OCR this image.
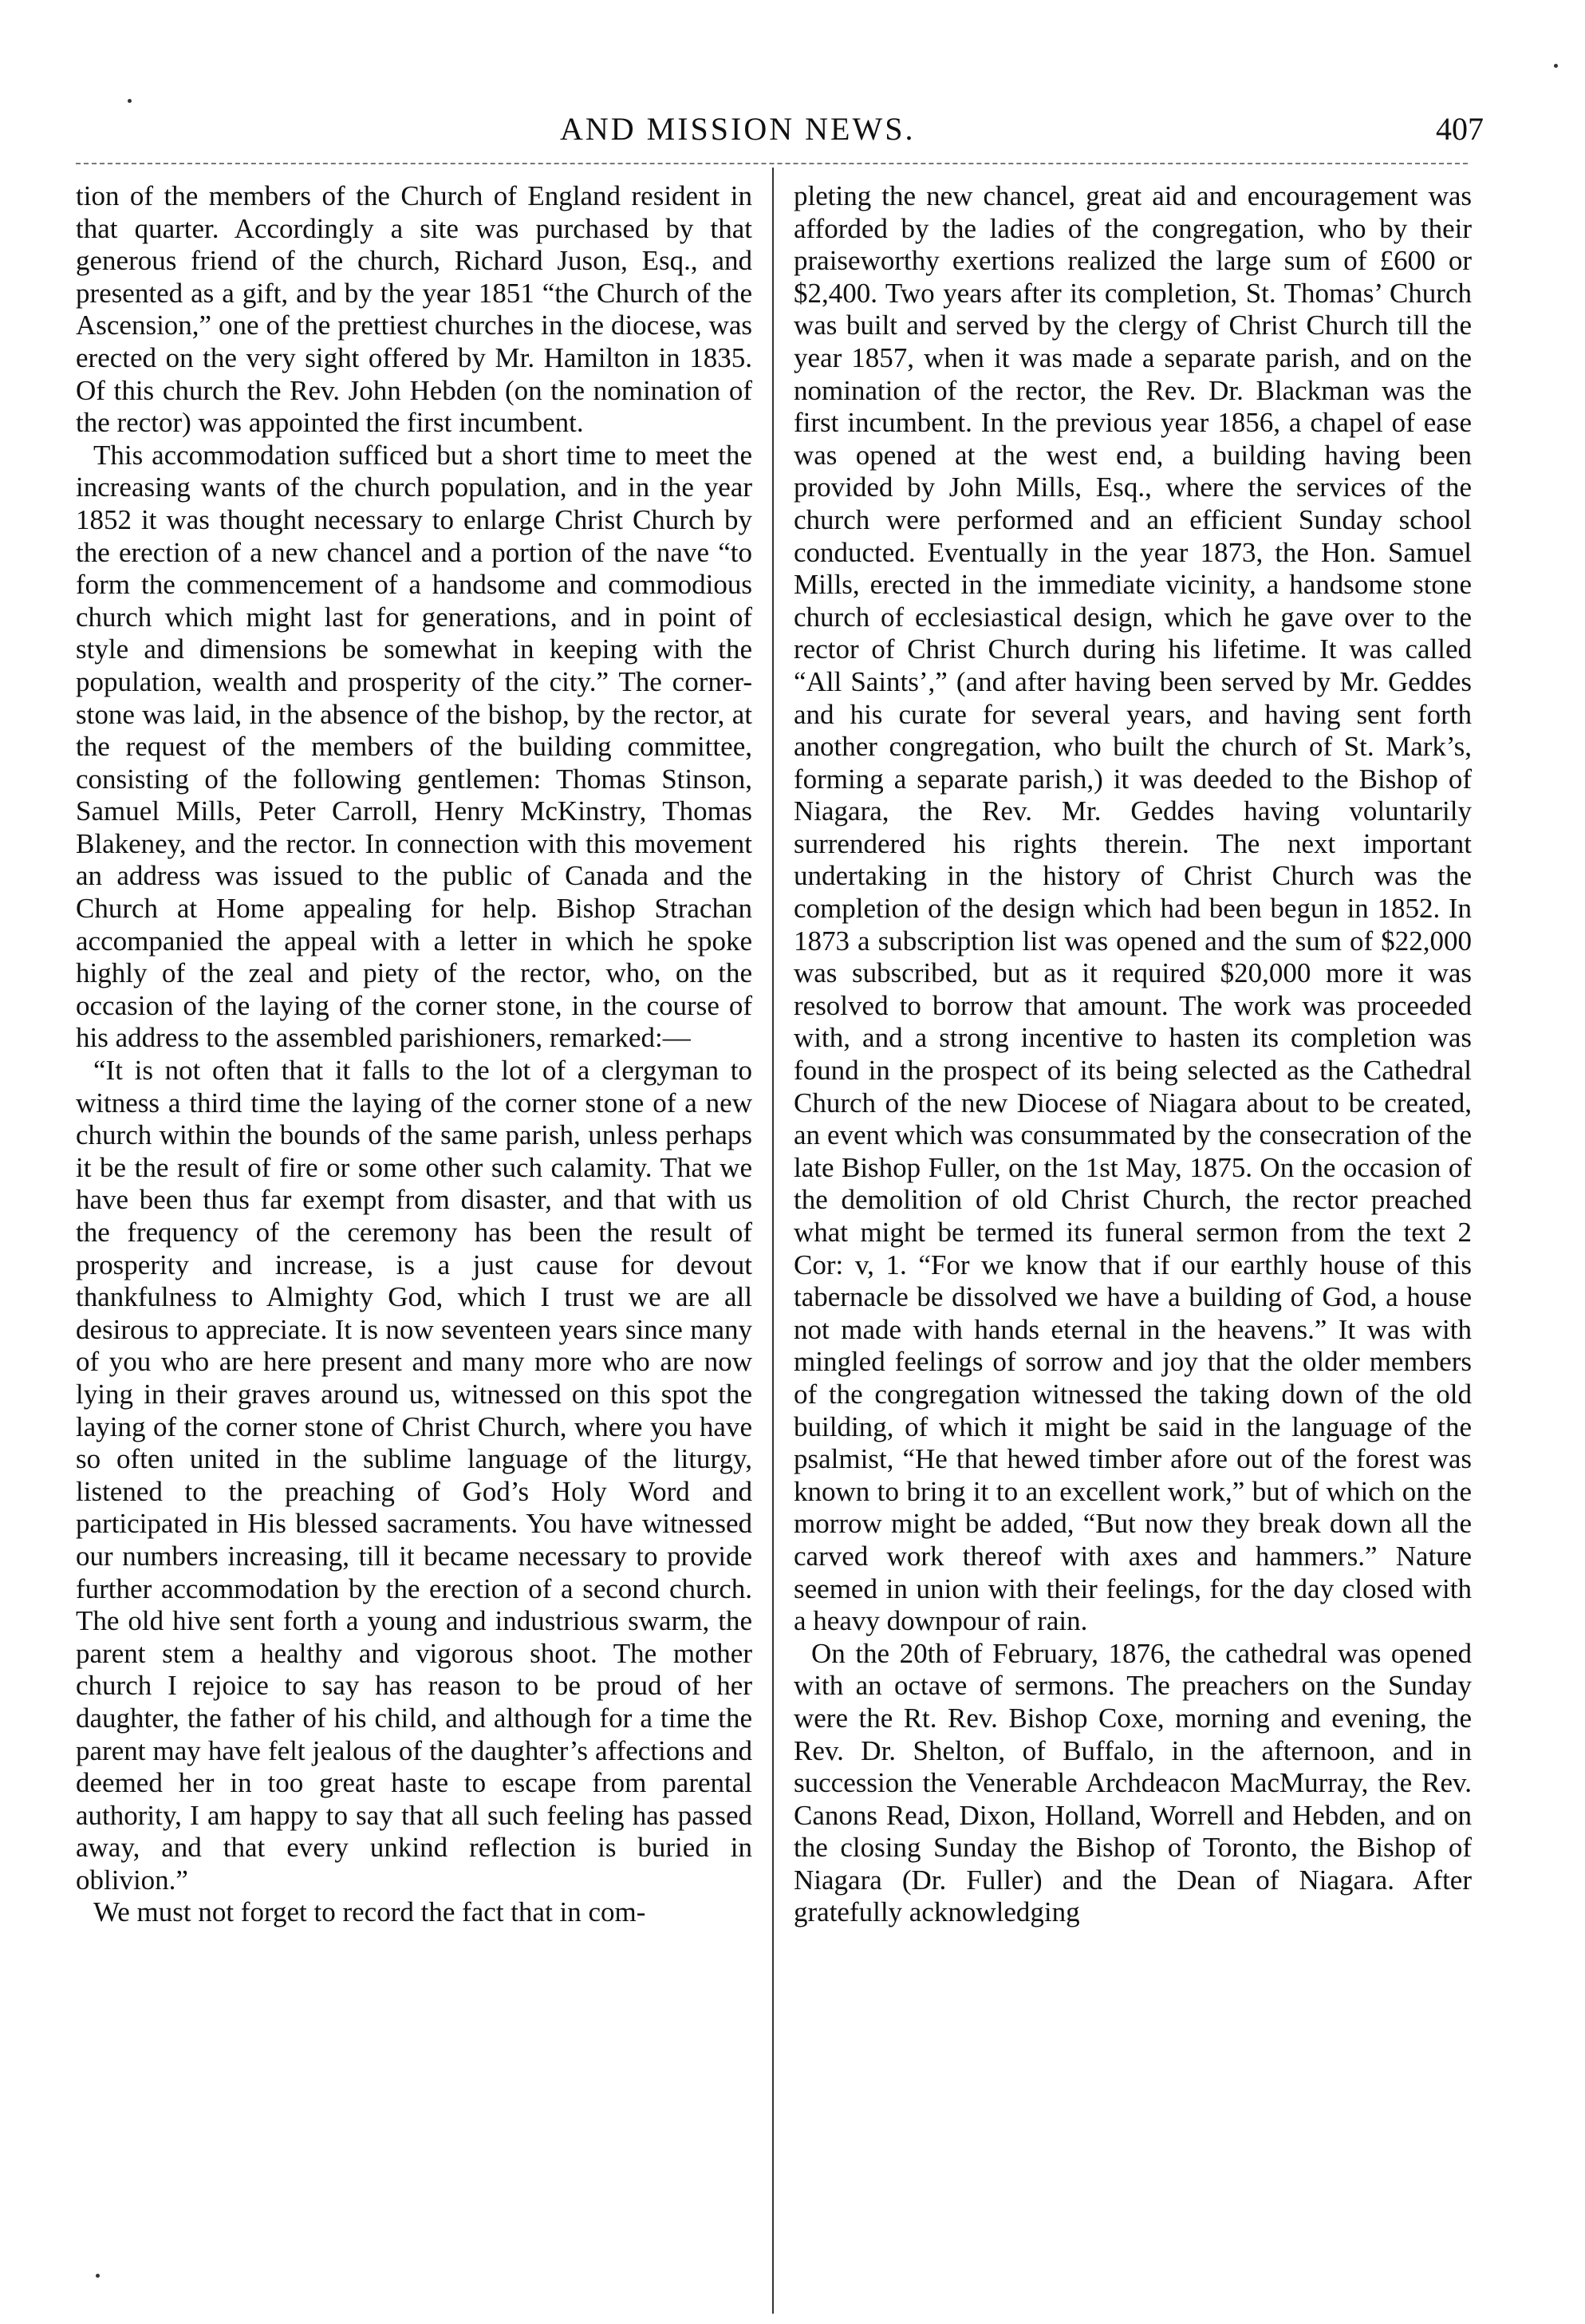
AND MISSION NEWS.	407

tion of the members of the Church of England resident in that quarter. Accordingly a site was purchased by that generous friend of the church, Richard Juson, Esq., and presented as a gift, and by the year 1851 “the Church of the Ascension,” one of the prettiest churches in the diocese, was erected on the very sight offered by Mr. Hamilton in 1835. Of this church the Rev. John Hebden (on the nomination of the rector) was appointed the first incumbent.

This accommodation sufficed but a short time to meet the increasing wants of the church population, and in the year 1852 it was thought necessary to enlarge Christ Church by the erection of a new chancel and a portion of the nave “to form the commencement of a handsome and commodious church which might last for generations, and in point of style and dimensions be somewhat in keeping with the population, wealth and prosperity of the city.” The corner-stone was laid, in the absence of the bishop, by the rector, at the request of the members of the building committee, consisting of the following gentlemen: Thomas Stinson, Samuel Mills, Peter Carroll, Henry McKinstry, Thomas Blakeney, and the rector. In connection with this movement an address was issued to the public of Canada and the Church at Home appealing for help. Bishop Strachan accompanied the appeal with a letter in which he spoke highly of the zeal and piety of the rector, who, on the occasion of the laying of the corner stone, in the course of his address to the assembled parishioners, remarked:—

“It is not often that it falls to the lot of a clergyman to witness a third time the laying of the corner stone of a new church within the bounds of the same parish, unless perhaps it be the result of fire or some other such calamity. That we have been thus far exempt from disaster, and that with us the frequency of the ceremony has been the result of prosperity and increase, is a just cause for devout thankfulness to Almighty God, which I trust we are all desirous to appreciate. It is now seventeen years since many of you who are here present and many more who are now lying in their graves around us, witnessed on this spot the laying of the corner stone of Christ Church, where you have so often united in the sublime language of the liturgy, listened to the preaching of God’s Holy Word and participated in His blessed sacraments. You have witnessed our numbers increasing, till it became necessary to provide further accommodation by the erection of a second church. The old hive sent forth a young and industrious swarm, the parent stem a healthy and vigorous shoot. The mother church I rejoice to say has reason to be proud of her daughter, the father of his child, and although for a time the parent may have felt jealous of the daughter’s affections and deemed her in too great haste to escape from parental authority, I am happy to say that all such feeling has passed away, and that every unkind reflection is buried in oblivion.”

We must not forget to record the fact that in com-

pleting the new chancel, great aid and encouragement was afforded by the ladies of the congregation, who by their praiseworthy exertions realized the large sum of £600 or $2,400. Two years after its completion, St. Thomas’ Church was built and served by the clergy of Christ Church till the year 1857, when it was made a separate parish, and on the nomination of the rector, the Rev. Dr. Blackman was the first incumbent. In the previous year 1856, a chapel of ease was opened at the west end, a building having been provided by John Mills, Esq., where the services of the church were performed and an efficient Sunday school conducted. Eventually in the year 1873, the Hon. Samuel Mills, erected in the immediate vicinity, a handsome stone church of ecclesiastical design, which he gave over to the rector of Christ Church during his lifetime. It was called “All Saints’,” (and after having been served by Mr. Geddes and his curate for several years, and having sent forth another congregation, who built the church of St. Mark’s, forming a separate parish,) it was deeded to the Bishop of Niagara, the Rev. Mr. Geddes having voluntarily surrendered his rights therein. The next important undertaking in the history of Christ Church was the completion of the design which had been begun in 1852. In 1873 a subscription list was opened and the sum of $22,000 was subscribed, but as it required $20,000 more it was resolved to borrow that amount. The work was proceeded with, and a strong incentive to hasten its completion was found in the prospect of its being selected as the Cathedral Church of the new Diocese of Niagara about to be created, an event which was consummated by the consecration of the late Bishop Fuller, on the 1st May, 1875. On the occasion of the demolition of old Christ Church, the rector preached what might be termed its funeral sermon from the text 2 Cor: v, 1. “For we know that if our earthly house of this tabernacle be dissolved we have a building of God, a house not made with hands eternal in the heavens.” It was with mingled feelings of sorrow and joy that the older members of the congregation witnessed the taking down of the old building, of which it might be said in the language of the psalmist, “He that hewed timber afore out of the forest was known to bring it to an excellent work,” but of which on the morrow might be added, “But now they break down all the carved work thereof with axes and hammers.” Nature seemed in union with their feelings, for the day closed with a heavy downpour of rain.

On the 20th of February, 1876, the cathedral was opened with an octave of sermons. The preachers on the Sunday were the Rt. Rev. Bishop Coxe, morning and evening, the Rev. Dr. Shelton, of Buffalo, in the afternoon, and in succession the Venerable Archdeacon MacMurray, the Rev. Canons Read, Dixon, Holland, Worrell and Hebden, and on the closing Sunday the Bishop of Toronto, the Bishop of Niagara (Dr. Fuller) and the Dean of Niagara. After gratefully acknowledging
